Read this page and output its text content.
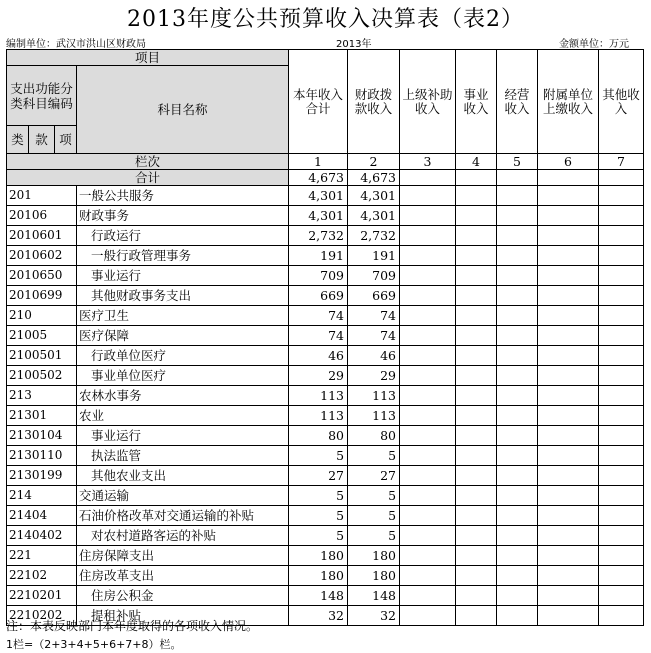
2013年度公共预算收入决算表（表2）
编制单位：武汉市洪山区财政局	2013年	金额单位：万元
项目				本年收入合计	财政拨款收入	上级补助收入	事业收入	经营收入	附属单位上缴收入	其他收入
支出功能分类科目编码			科目名称							
类	款	项								
栏次				1	2	3	4	5	6	7
合计				4,673	4,673					
201			一般公共服务	4,301	4,301					
20106			财政事务	4,301	4,301					
2010601			行政运行	2,732	2,732					
2010602			一般行政管理事务	191	191					
2010650			事业运行	709	709					
2010699			其他财政事务支出	669	669					
210			医疗卫生	74	74					
21005			医疗保障	74	74					
2100501			行政单位医疗	46	46					
2100502			事业单位医疗	29	29					
213			农林水事务	113	113					
21301			农业	113	113					
2130104			事业运行	80	80					
2130110			执法监管	5	5					
2130199			其他农业支出	27	27					
214			交通运输	5	5					
21404			石油价格改革对交通运输的补贴	5	5					
2140402			对农村道路客运的补贴	5	5					
221			住房保障支出	180	180					
22102			住房改革支出	180	180					
2210201			住房公积金	148	148					
2210202			提租补贴	32	32					
注：本表反映部门本年度取得的各项收入情况。
1栏=（2+3+4+5+6+7+8）栏。
